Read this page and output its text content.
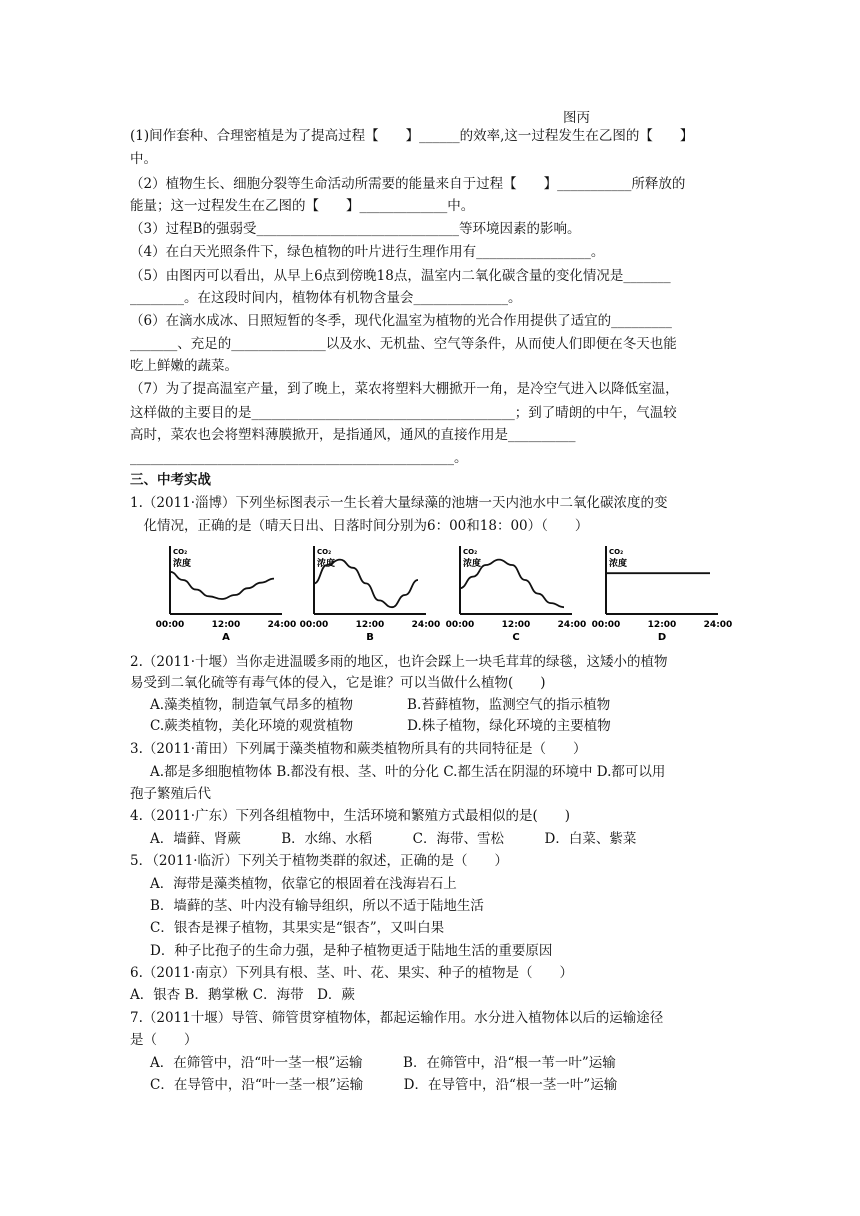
图丙
(1)间作套种、合理密植是为了提高过程【　　】______的效率,这一过程发生在乙图的【　　】
中。
（2）植物生长、细胞分裂等生命活动所需要的能量来自于过程【　　】___________所释放的
能量；这一过程发生在乙图的【　　】_____________中。
（3）过程B的强弱受______________________________等环境因素的影响。
（4）在白天光照条件下，绿色植物的叶片进行生理作用有_________________。
（5）由图丙可以看出，从早上6点到傍晚18点，温室内二氧化碳含量的变化情况是_______
________。在这段时间内，植物体有机物含量会______________。
（6）在滴水成冰、日照短暂的冬季，现代化温室为植物的光合作用提供了适宜的_________
_______、充足的______________以及水、无机盐、空气等条件，从而使人们即便在冬天也能
吃上鲜嫩的蔬菜。
（7）为了提高温室产量，到了晚上，菜农将塑料大棚掀开一角，是冷空气进入以降低室温，
这样做的主要目的是_______________________________________；到了晴朗的中午，气温较
高时，菜农也会将塑料薄膜掀开，是指通风，通风的直接作用是__________
________________________________________________。
三、中考实战
1.（2011·淄博）下列坐标图表示一生长着大量绿藻的池塘一天内池水中二氧化碳浓度的变
　化情况，正确的是（晴天日出、日落时间分别为6：00和18：00）（　　）
CO₂
浓度
00:00	12:00	24:00
A
CO₂
浓度
00:00	12:00	24:00
B
CO₂
浓度
00:00	12:00	24:00
C
CO₂
浓度
00:00	12:00	24:00
D
2.（2011·十堰）当你走进温暖多雨的地区，也许会踩上一块毛茸茸的绿毯，这矮小的植物
易受到二氧化硫等有毒气体的侵入，它是谁？可以当做什么植物(　　)
A.藻类植物，制造氧气昂多的植物　　　　B.苔藓植物，监测空气的指示植物
C.蕨类植物，美化环境的观赏植物　　　　D.株子植物，绿化环境的主要植物
3.（2011·莆田）下列属于藻类植物和蕨类植物所具有的共同特征是（　　）
A.都是多细胞植物体 B.都没有根、茎、叶的分化 C.都生活在阴湿的环境中 D.都可以用
孢子繁殖后代
4.（2011·广东）下列各组植物中，生活环境和繁殖方式最相似的是(　　)
A．墙藓、肾蕨　　　B．水绵、水稻　　　C．海带、雪松　　　D．白菜、紫菜
5．（2011·临沂）下列关于植物类群的叙述，正确的是（　　）
A．海带是藻类植物，依靠它的根固着在浅海岩石上
B．墙藓的茎、叶内没有输导组织，所以不适于陆地生活
C．银杏是裸子植物，其果实是“银杏”，又叫白果
D．种子比孢子的生命力强，是种子植物更适于陆地生活的重要原因
6.（2011·南京）下列具有根、茎、叶、花、果实、种子的植物是（　　）
A．银杏 B．鹅掌楸 C．海带　D．蕨
7.（2011十堰）导管、筛管贯穿植物体，都起运输作用。水分进入植物体以后的运输途径
是（　　）
A．在筛管中，沿“叶一茎一根”运输　　　B．在筛管中，沿“根一苇一叶”运输
C．在导管中，沿“叶一茎一根”运输　　　D．在导管中，沿“根一茎一叶”运输
